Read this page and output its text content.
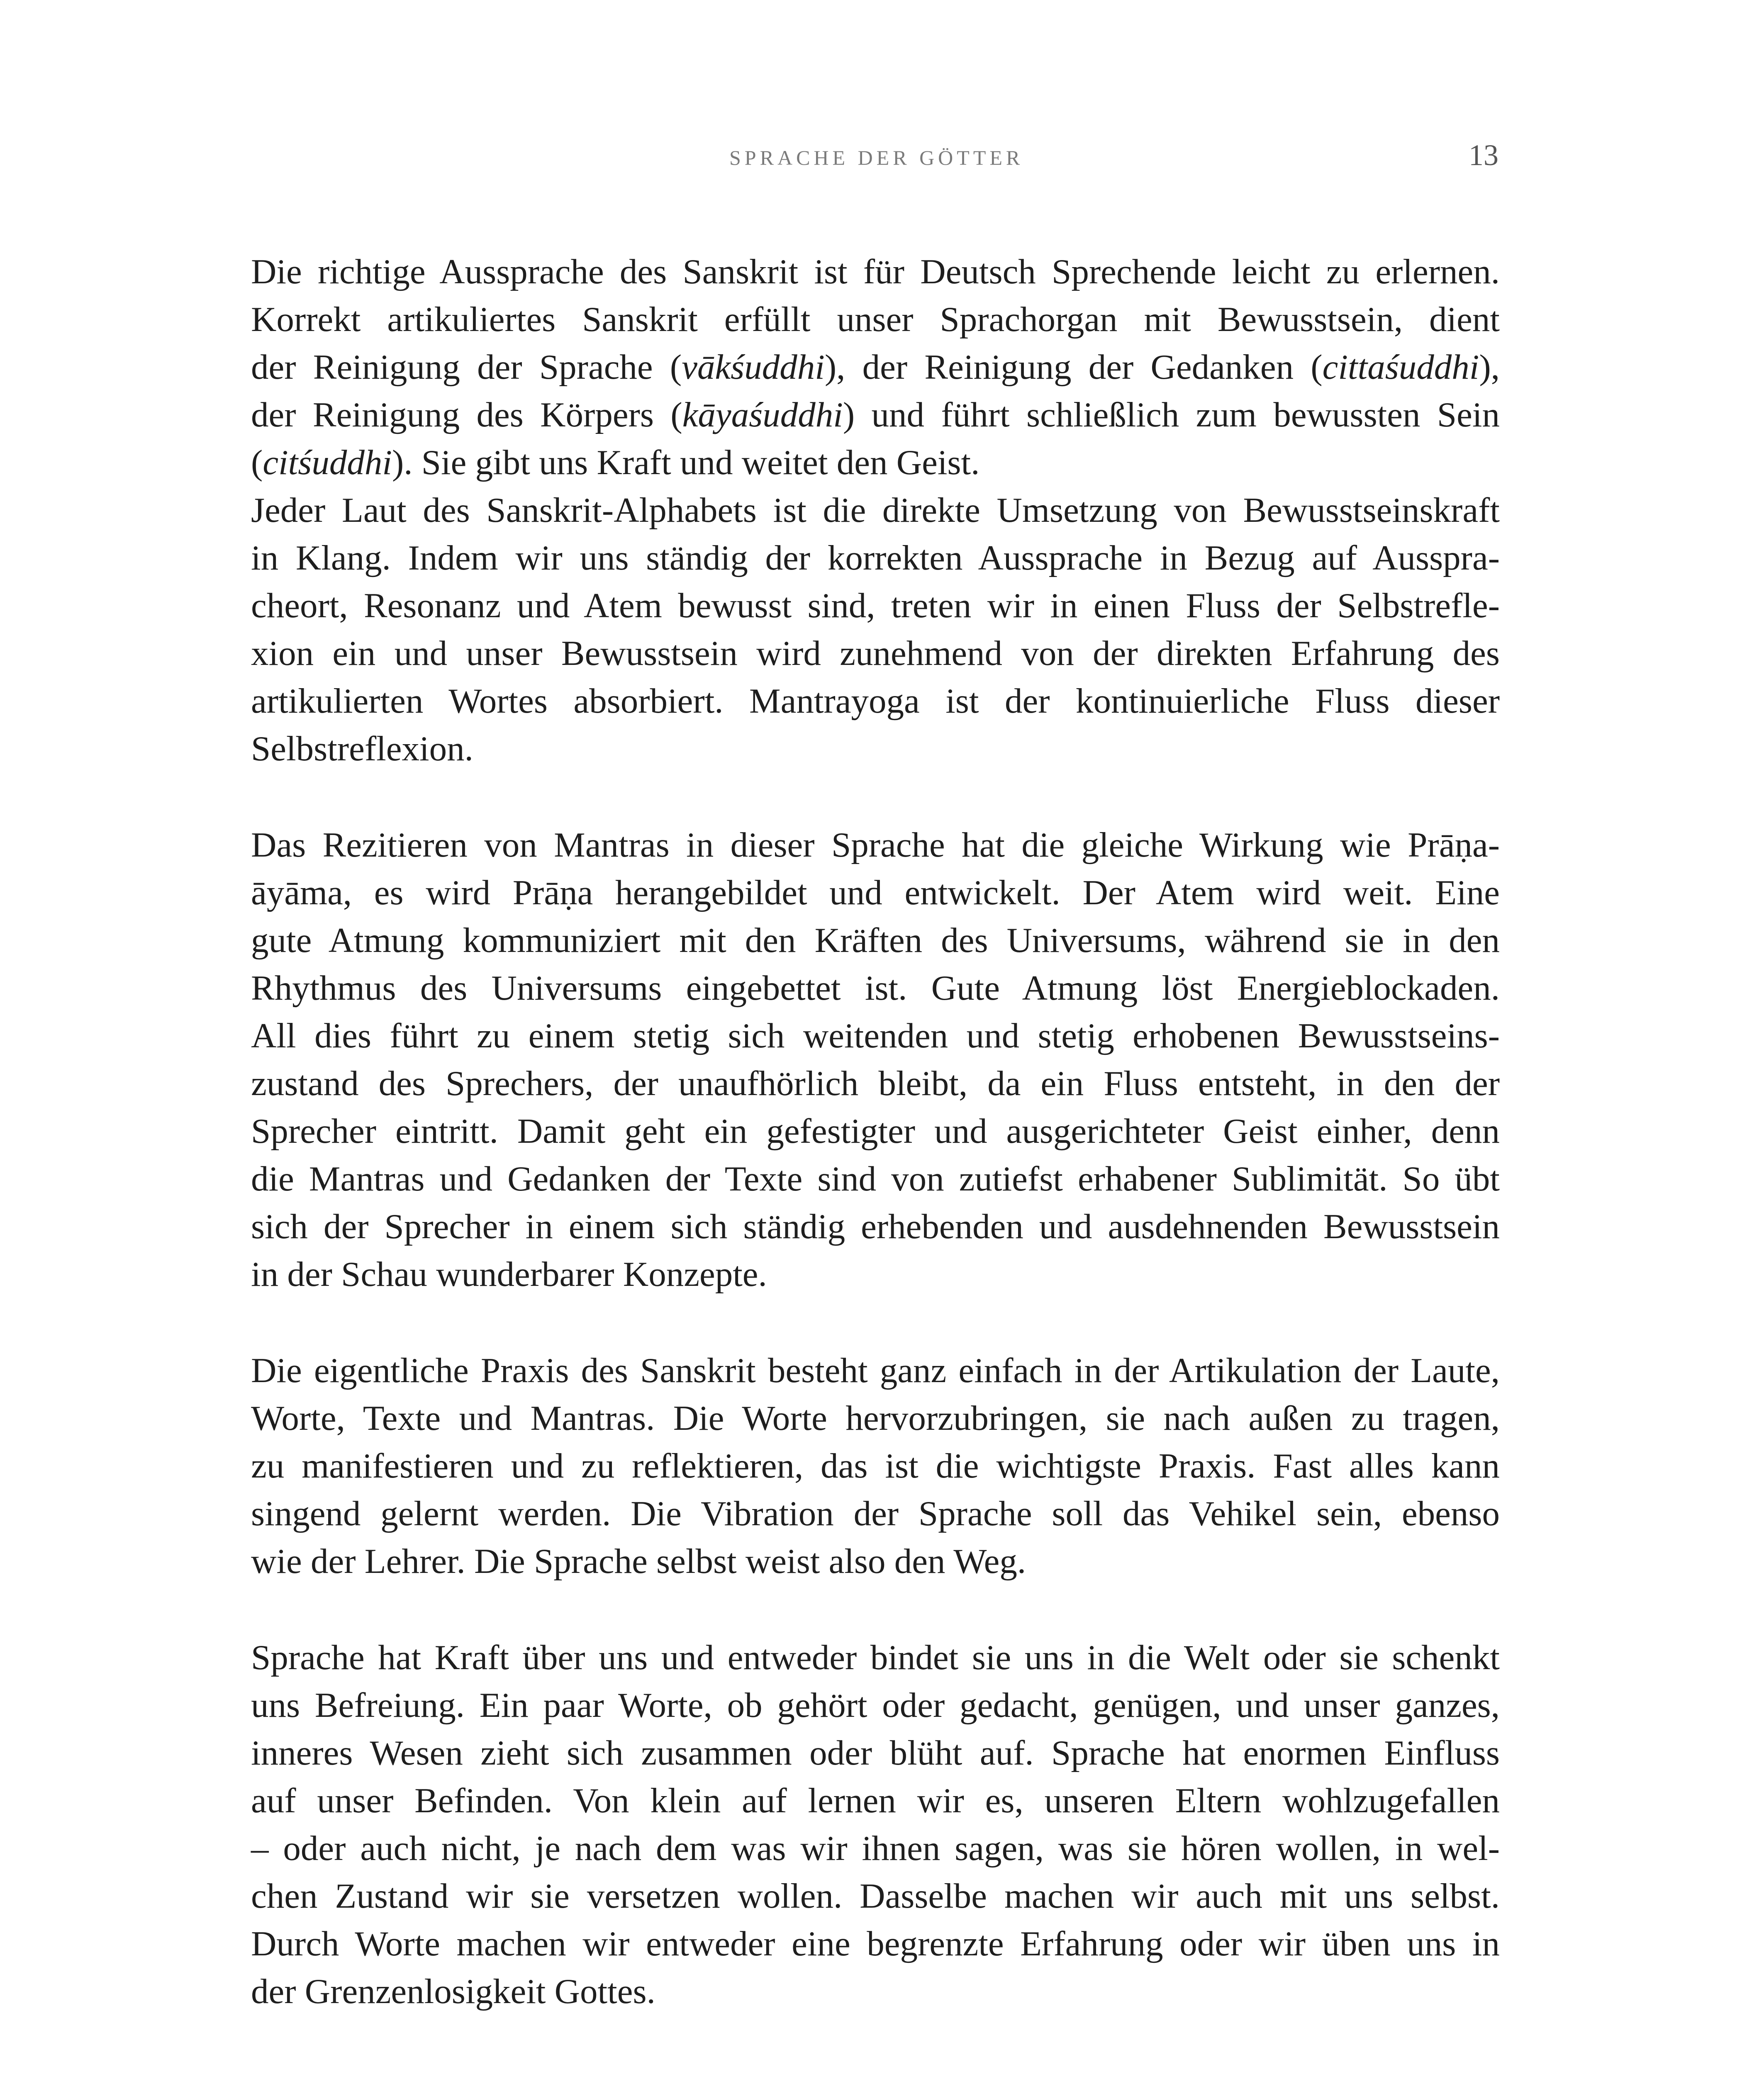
SPRACHE DER GÖTTER	13
Die richtige Aussprache des Sanskrit ist für Deutsch Sprechende leicht zu erlernen.
Korrekt artikuliertes Sanskrit erfüllt unser Sprachorgan mit Bewusstsein, dient
der Reinigung der Sprache (vākśuddhi), der Reinigung der Gedanken (cittaśuddhi),
der Reinigung des Körpers (kāyaśuddhi) und führt schließlich zum bewussten Sein
(citśuddhi). Sie gibt uns Kraft und weitet den Geist.
Jeder Laut des Sanskrit-Alphabets ist die direkte Umsetzung von Bewusstseinskraft
in Klang. Indem wir uns ständig der korrekten Aussprache in Bezug auf Ausspra-
cheort, Resonanz und Atem bewusst sind, treten wir in einen Fluss der Selbstrefle-
xion ein und unser Bewusstsein wird zunehmend von der direkten Erfahrung des
artikulierten Wortes absorbiert. Mantrayoga ist der kontinuierliche Fluss dieser
Selbstreflexion.
Das Rezitieren von Mantras in dieser Sprache hat die gleiche Wirkung wie Prāṇa-
āyāma, es wird Prāṇa herangebildet und entwickelt. Der Atem wird weit. Eine
gute Atmung kommuniziert mit den Kräften des Universums, während sie in den
Rhythmus des Universums eingebettet ist. Gute Atmung löst Energieblockaden.
All dies führt zu einem stetig sich weitenden und stetig erhobenen Bewusstseins-
zustand des Sprechers, der unaufhörlich bleibt, da ein Fluss entsteht, in den der
Sprecher eintritt. Damit geht ein gefestigter und ausgerichteter Geist einher, denn
die Mantras und Gedanken der Texte sind von zutiefst erhabener Sublimität. So übt
sich der Sprecher in einem sich ständig erhebenden und ausdehnenden Bewusstsein
in der Schau wunderbarer Konzepte.
Die eigentliche Praxis des Sanskrit besteht ganz einfach in der Artikulation der Laute,
Worte, Texte und Mantras. Die Worte hervorzubringen, sie nach außen zu tragen,
zu manifestieren und zu reflektieren, das ist die wichtigste Praxis. Fast alles kann
singend gelernt werden. Die Vibration der Sprache soll das Vehikel sein, ebenso
wie der Lehrer. Die Sprache selbst weist also den Weg.
Sprache hat Kraft über uns und entweder bindet sie uns in die Welt oder sie schenkt
uns Befreiung. Ein paar Worte, ob gehört oder gedacht, genügen, und unser ganzes,
inneres Wesen zieht sich zusammen oder blüht auf. Sprache hat enormen Einfluss
auf unser Befinden. Von klein auf lernen wir es, unseren Eltern wohlzugefallen
– oder auch nicht, je nach dem was wir ihnen sagen, was sie hören wollen, in wel-
chen Zustand wir sie versetzen wollen. Dasselbe machen wir auch mit uns selbst.
Durch Worte machen wir entweder eine begrenzte Erfahrung oder wir üben uns in
der Grenzenlosigkeit Gottes.
